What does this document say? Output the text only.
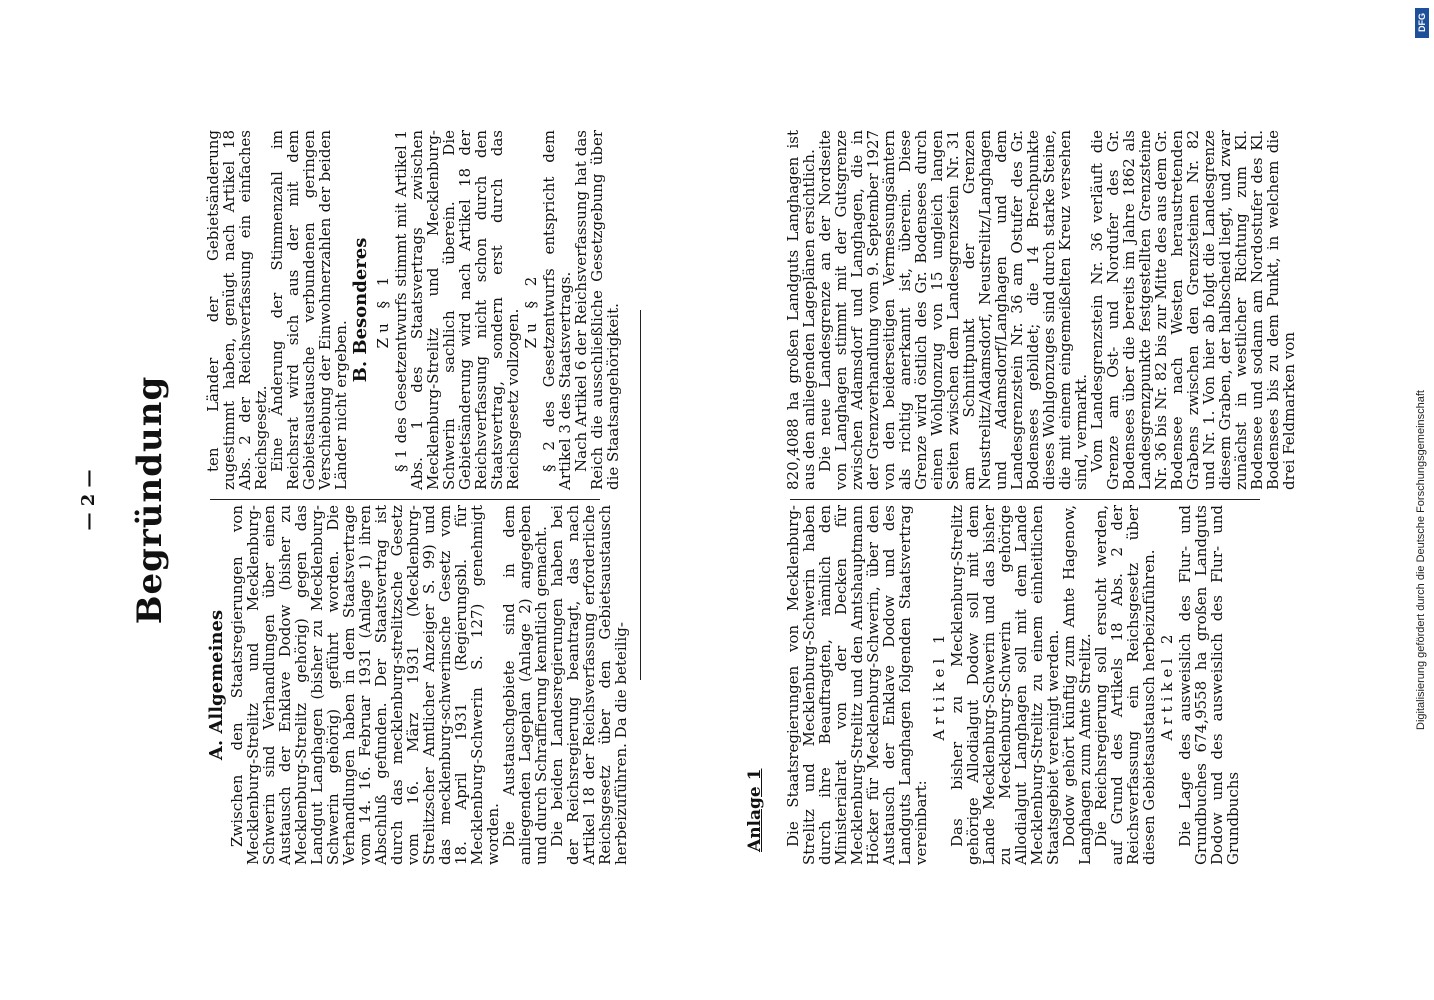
— 2 — Begründung

A. Allgemeines Zwischen den Staatsregierungen von Mecklenburg-Strelitz und Mecklenburg-Schwerin sind Verhandlungen über einen Austausch der Enklave Dodow (bisher zu Mecklenburg-Strelitz gehörig) gegen das Landgut Langhagen (bisher zu Mecklenburg-Schwerin gehörig) geführt worden. Die Verhandlungen haben in dem Staatsvertrage vom 14. 16. Februar 1931 (Anlage 1) ihren Abschluß gefunden. Der Staatsvertrag ist durch das mecklenburg-strelitzsche Gesetz vom 16. März 1931 (Mecklenburg-Strelitzscher Amtlicher Anzeiger S. 99) und das mecklenburg-schwerinsche Gesetz vom 18. April 1931 (Regierungsbl. für Mecklenburg-Schwerin S. 127) genehmigt worden.

Die Austauschgebiete sind in dem anliegenden Lageplan (Anlage 2) angegeben und durch Schraffierung kenntlich gemacht.

Die beiden Landesregierungen haben bei der Reichsregierung beantragt, das nach Artikel 18 der Reichsverfassung erforderliche Reichsgesetz über den Gebietsaustausch herbeizuführen. Da die beteilig-

ten Länder der Gebietsänderung zugestimmt haben, genügt nach Artikel 18 Abs. 2 der Reichsverfassung ein einfaches Reichsgesetz.

Eine Änderung der Stimmenzahl im Reichsrat wird sich aus der mit dem Gebietsaustausche verbundenen geringen Verschiebung der Einwohnerzahlen der beiden Länder nicht ergeben.

B. Besonderes Zu § 1 § 1 des Gesetzentwurfs stimmt mit Artikel 1 Abs. 1 des Staatsvertrags zwischen Mecklenburg-Strelitz und Mecklenburg-Schwerin sachlich überein. Die Gebietsänderung wird nach Artikel 18 der Reichsverfassung nicht schon durch den Staatsvertrag, sondern erst durch das Reichsgesetz vollzogen. Zu § 2 § 2 des Gesetzentwurfs entspricht dem Artikel 3 des Staatsvertrags.

Nach Artikel 6 der Reichsverfassung hat das Reich die ausschließliche Gesetzgebung über die Staatsangehörigkeit.

Anlage 1 Die Staatsregierungen von Mecklenburg-Strelitz und Mecklenburg-Schwerin haben durch ihre Beauftragten, nämlich den Ministerialrat von der Decken für Mecklenburg-Strelitz und den Amtshauptmann Höcker für Mecklenburg-Schwerin, über den Austausch der Enklave Dodow und des Landguts Langhagen folgenden Staatsvertrag vereinbart:

Artikel 1 Das bisher zu Mecklenburg-Strelitz gehörige Allodialgut Dodow soll mit dem Lande Mecklenburg-Schwerin und das bisher zu Mecklenburg-Schwerin gehörige Allodialgut Langhagen soll mit dem Lande Mecklenburg-Strelitz zu einem einheitlichen Staatsgebiet vereinigt werden.

Dodow gehört künftig zum Amte Hagenow, Langhagen zum Amte Strelitz.

Die Reichsregierung soll ersucht werden, auf Grund des Artikels 18 Abs. 2 der Reichsverfassung ein Reichsgesetz über diesen Gebietsaustausch herbeizuführen. Artikel 2 Die Lage des ausweislich des Flur- und Grundbuches 674,9558 ha großen Landguts Dodow und des ausweislich des Flur- und Grundbuchs

820,4088 ha großen Landguts Langhagen ist aus den anliegenden Lageplänen ersichtlich.

Die neue Landesgrenze an der Nordseite von Langhagen stimmt mit der Gutsgrenze zwischen Adamsdorf und Langhagen, die in der Grenzverhandlung vom 9. September 1927 von den beiderseitigen Vermessungsämtern als richtig anerkannt ist, überein. Diese Grenze wird östlich des Gr. Bodensees durch einen Wohlgonzug von 15 ungleich langen Seiten zwischen dem Landesgrenzstein Nr. 31 am Schnittpunkt der Grenzen Neustrelitz/Adamsdorf, Neustrelitz/Langhagen und Adamsdorf/Langhagen und dem Landesgrenzstein Nr. 36 am Ostufer des Gr. Bodensees gebildet; die 14 Brechpunkte dieses Wohlgonzuges sind durch starke Steine, die mit einem eingemeißelten Kreuz versehen sind, vermarkt.

Vom Landesgrenzstein Nr. 36 verläuft die Grenze am Ost- und Nordufer des Gr. Bodensees über die bereits im Jahre 1862 als Landesgrenzpunkte festgestellten Grenzsteine Nr. 36 bis Nr. 82 bis zur Mitte des aus dem Gr. Bodensee nach Westen heraustretenden Grabens zwischen den Grenzsteinen Nr. 82 und Nr. 1. Von hier ab folgt die Landesgrenze diesem Graben, der halbscheid liegt, und zwar zunächst in westlicher Richtung zum Kl. Bodensee und sodann am Nordostufer des Kl. Bodensees bis zu dem Punkt, in welchem die drei Feldmarken von

DFG
Digitalisierung gefördert durch die Deutsche Forschungsgemeinschaft
